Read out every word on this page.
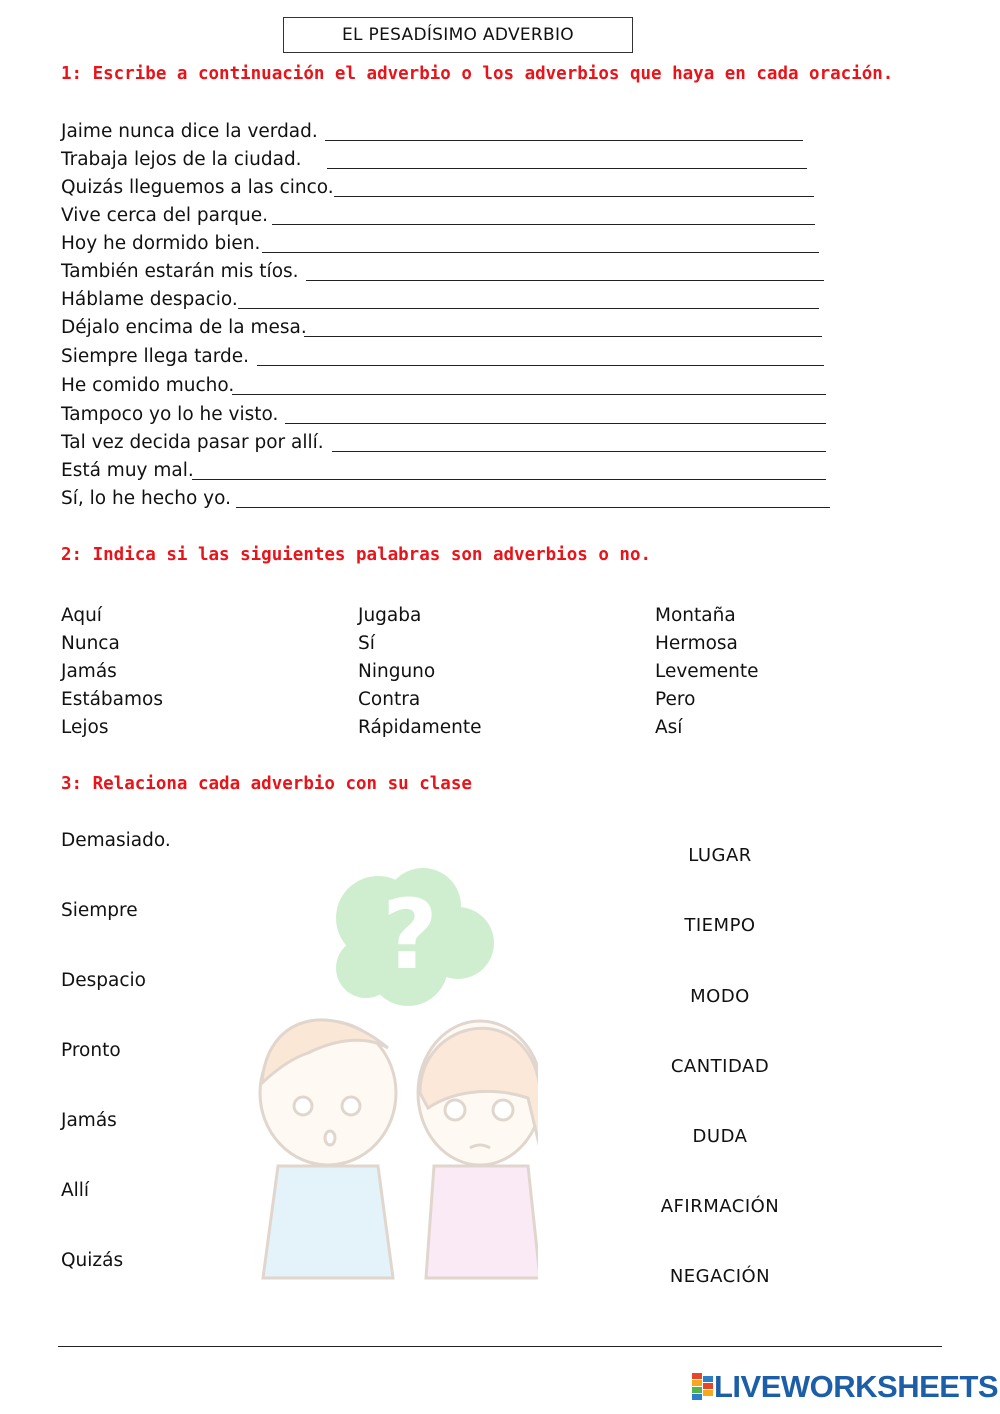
EL PESADÍSIMO ADVERBIO
1: Escribe a continuación el adverbio o los adverbios que haya en cada oración.
Jaime nunca dice la verdad.
Trabaja lejos de la ciudad.
Quizás lleguemos a las cinco.
Vive cerca del parque.
Hoy he dormido bien.
También estarán mis tíos.
Háblame despacio.
Déjalo encima de la mesa.
Siempre llega tarde.
He comido mucho.
Tampoco yo lo he visto.
Tal vez decida pasar por allí.
Está muy mal.
Sí, lo he hecho yo.
2: Indica si las siguientes palabras son adverbios o no.
Aquí
Nunca
Jamás
Estábamos
Lejos
Jugaba
Sí
Ninguno
Contra
Rápidamente
Montaña
Hermosa
Levemente
Pero
Así
3: Relaciona cada adverbio con su clase
Demasiado.
Siempre
Despacio
Pronto
Jamás
Allí
Quizás
LUGAR
TIEMPO
MODO
CANTIDAD
DUDA
AFIRMACIÓN
NEGACIÓN
?
LIVEWORKSHEETS
